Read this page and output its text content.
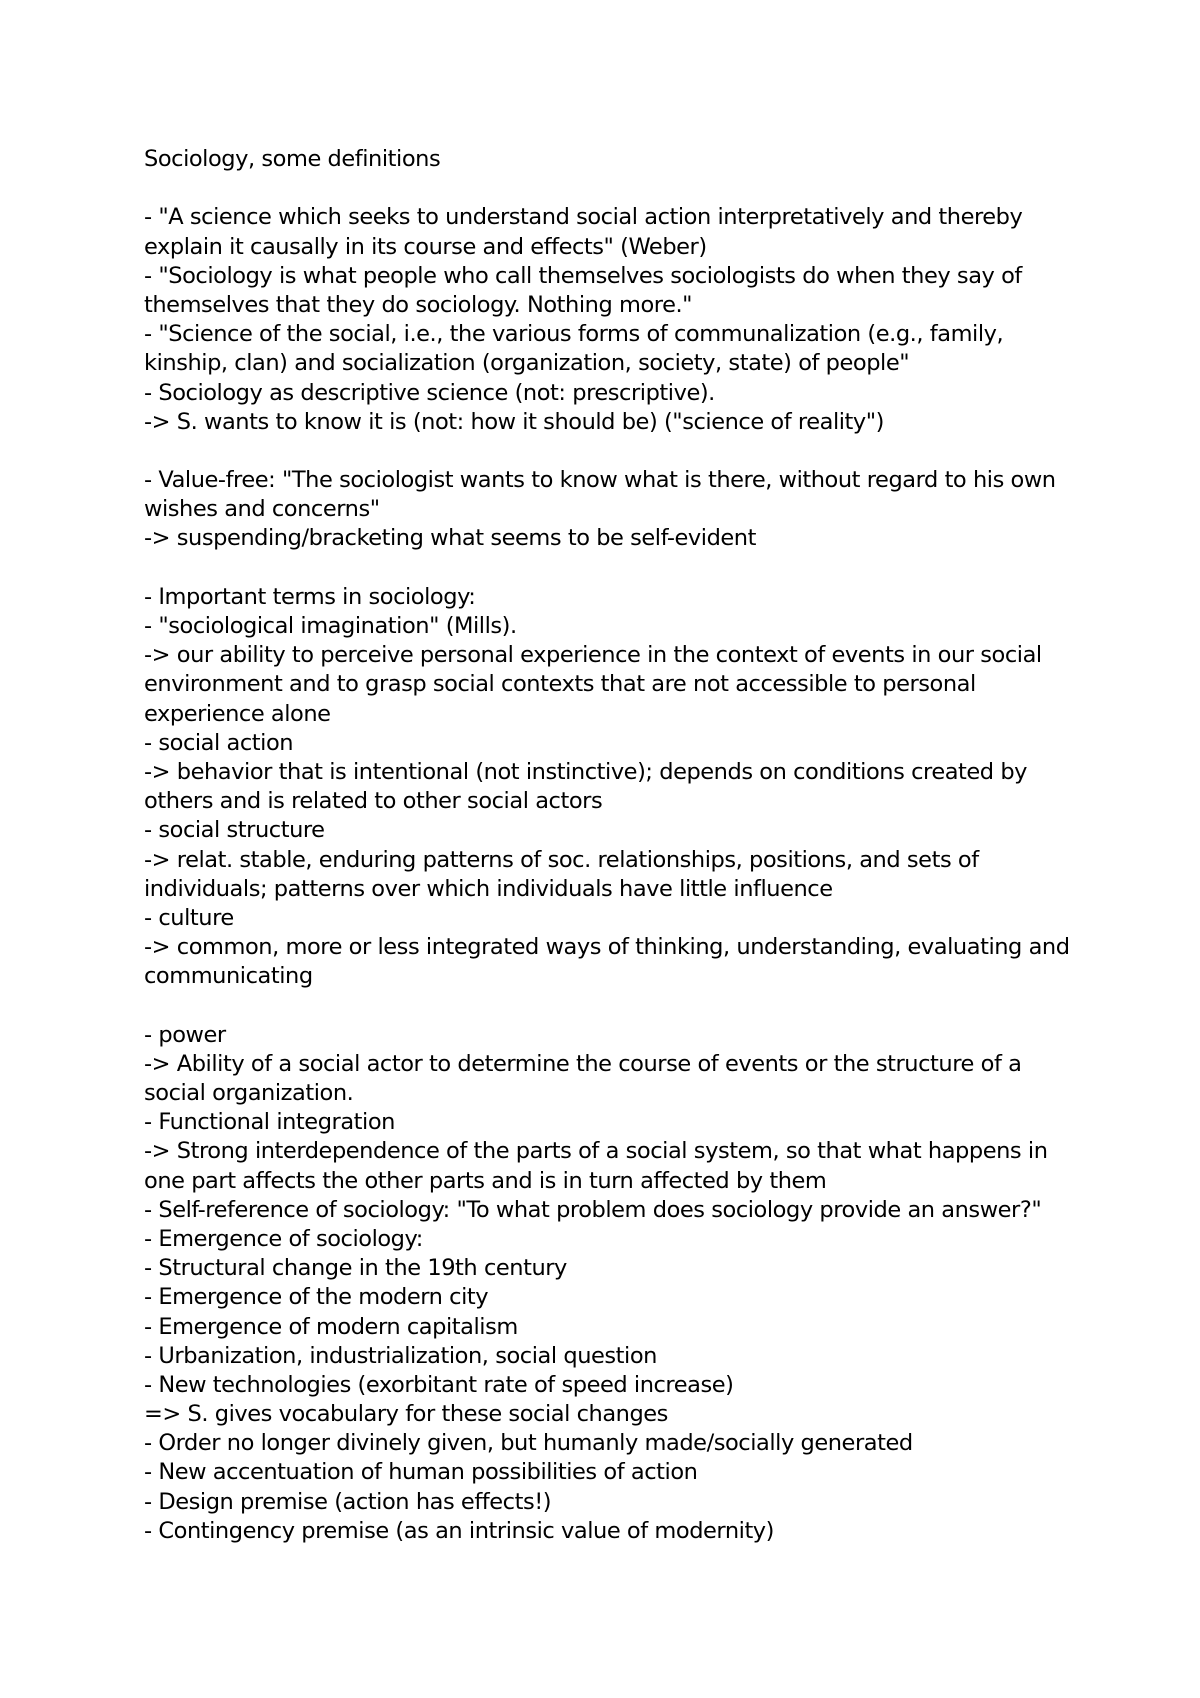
Sociology, some definitions
- "A science which seeks to understand social action interpretatively and thereby
explain it causally in its course and effects" (Weber)
- "Sociology is what people who call themselves sociologists do when they say of
themselves that they do sociology. Nothing more."
- "Science of the social, i.e., the various forms of communalization (e.g., family,
kinship, clan) and socialization (organization, society, state) of people"
- Sociology as descriptive science (not: prescriptive).
-> S. wants to know it is (not: how it should be) ("science of reality")
- Value-free: "The sociologist wants to know what is there, without regard to his own
wishes and concerns"
-> suspending/bracketing what seems to be self-evident
- Important terms in sociology:
- "sociological imagination" (Mills).
-> our ability to perceive personal experience in the context of events in our social
environment and to grasp social contexts that are not accessible to personal
experience alone
- social action
-> behavior that is intentional (not instinctive); depends on conditions created by
others and is related to other social actors
- social structure
-> relat. stable, enduring patterns of soc. relationships, positions, and sets of
individuals; patterns over which individuals have little influence
- culture
-> common, more or less integrated ways of thinking, understanding, evaluating and
communicating
- power
-> Ability of a social actor to determine the course of events or the structure of a
social organization.
- Functional integration
-> Strong interdependence of the parts of a social system, so that what happens in
one part affects the other parts and is in turn affected by them
- Self-reference of sociology: "To what problem does sociology provide an answer?"
- Emergence of sociology:
- Structural change in the 19th century
- Emergence of the modern city
- Emergence of modern capitalism
- Urbanization, industrialization, social question
- New technologies (exorbitant rate of speed increase)
=> S. gives vocabulary for these social changes
- Order no longer divinely given, but humanly made/socially generated
- New accentuation of human possibilities of action
- Design premise (action has effects!)
- Contingency premise (as an intrinsic value of modernity)
